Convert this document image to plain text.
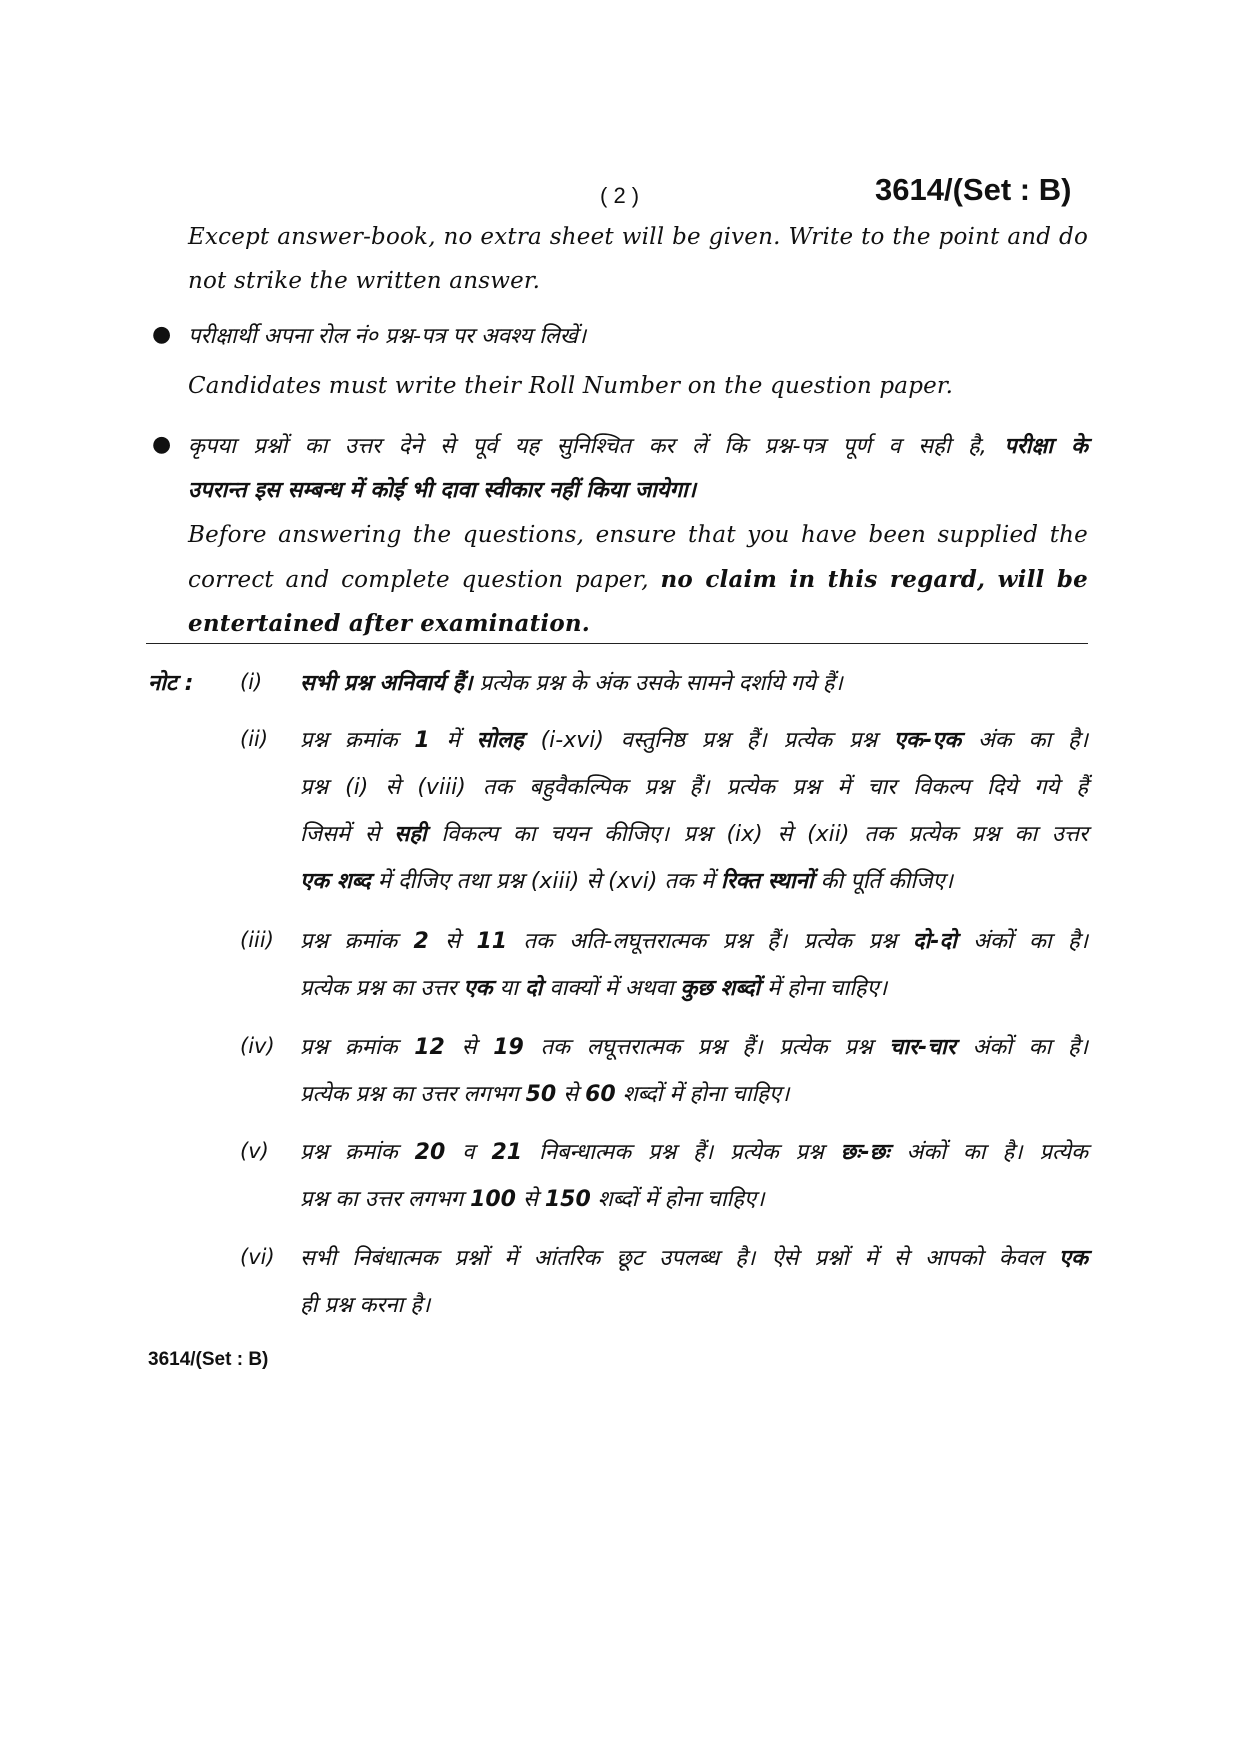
( 2 )	3614/(Set : B)
Except answer-book, no extra sheet will be given. Write to the point and do
not strike the written answer.
● परीक्षार्थी अपना रोल नं० प्रश्न-पत्र पर अवश्य लिखें।
Candidates must write their Roll Number on the question paper.
● कृपया प्रश्नों का उत्तर देने से पूर्व यह सुनिश्चित कर लें कि प्रश्न-पत्र पूर्ण व सही है, परीक्षा के
उपरान्त इस सम्बन्ध में कोई भी दावा स्वीकार नहीं किया जायेगा।
Before answering the questions, ensure that you have been supplied the
correct and complete question paper, no claim in this regard, will be
entertained after examination.
नोट : (i) सभी प्रश्न अनिवार्य हैं। प्रत्येक प्रश्न के अंक उसके सामने दर्शाये गये हैं।
(ii) प्रश्न क्रमांक 1 में सोलह (i-xvi) वस्तुनिष्ठ प्रश्न हैं। प्रत्येक प्रश्न एक-एक अंक का है।
प्रश्न (i) से (viii) तक बहुवैकल्पिक प्रश्न हैं। प्रत्येक प्रश्न में चार विकल्प दिये गये हैं
जिसमें से सही विकल्प का चयन कीजिए। प्रश्न (ix) से (xii) तक प्रत्येक प्रश्न का उत्तर
एक शब्द में दीजिए तथा प्रश्न (xiii) से (xvi) तक में रिक्त स्थानों की पूर्ति कीजिए।
(iii) प्रश्न क्रमांक 2 से 11 तक अति-लघूत्तरात्मक प्रश्न हैं। प्रत्येक प्रश्न दो-दो अंकों का है।
प्रत्येक प्रश्न का उत्तर एक या दो वाक्यों में अथवा कुछ शब्दों में होना चाहिए।
(iv) प्रश्न क्रमांक 12 से 19 तक लघूत्तरात्मक प्रश्न हैं। प्रत्येक प्रश्न चार-चार अंकों का है।
प्रत्येक प्रश्न का उत्तर लगभग 50 से 60 शब्दों में होना चाहिए।
(v) प्रश्न क्रमांक 20 व 21 निबन्धात्मक प्रश्न हैं। प्रत्येक प्रश्न छः-छः अंकों का है। प्रत्येक
प्रश्न का उत्तर लगभग 100 से 150 शब्दों में होना चाहिए।
(vi) सभी निबंधात्मक प्रश्नों में आंतरिक छूट उपलब्ध है। ऐसे प्रश्नों में से आपको केवल एक
ही प्रश्न करना है।
3614/(Set : B)
